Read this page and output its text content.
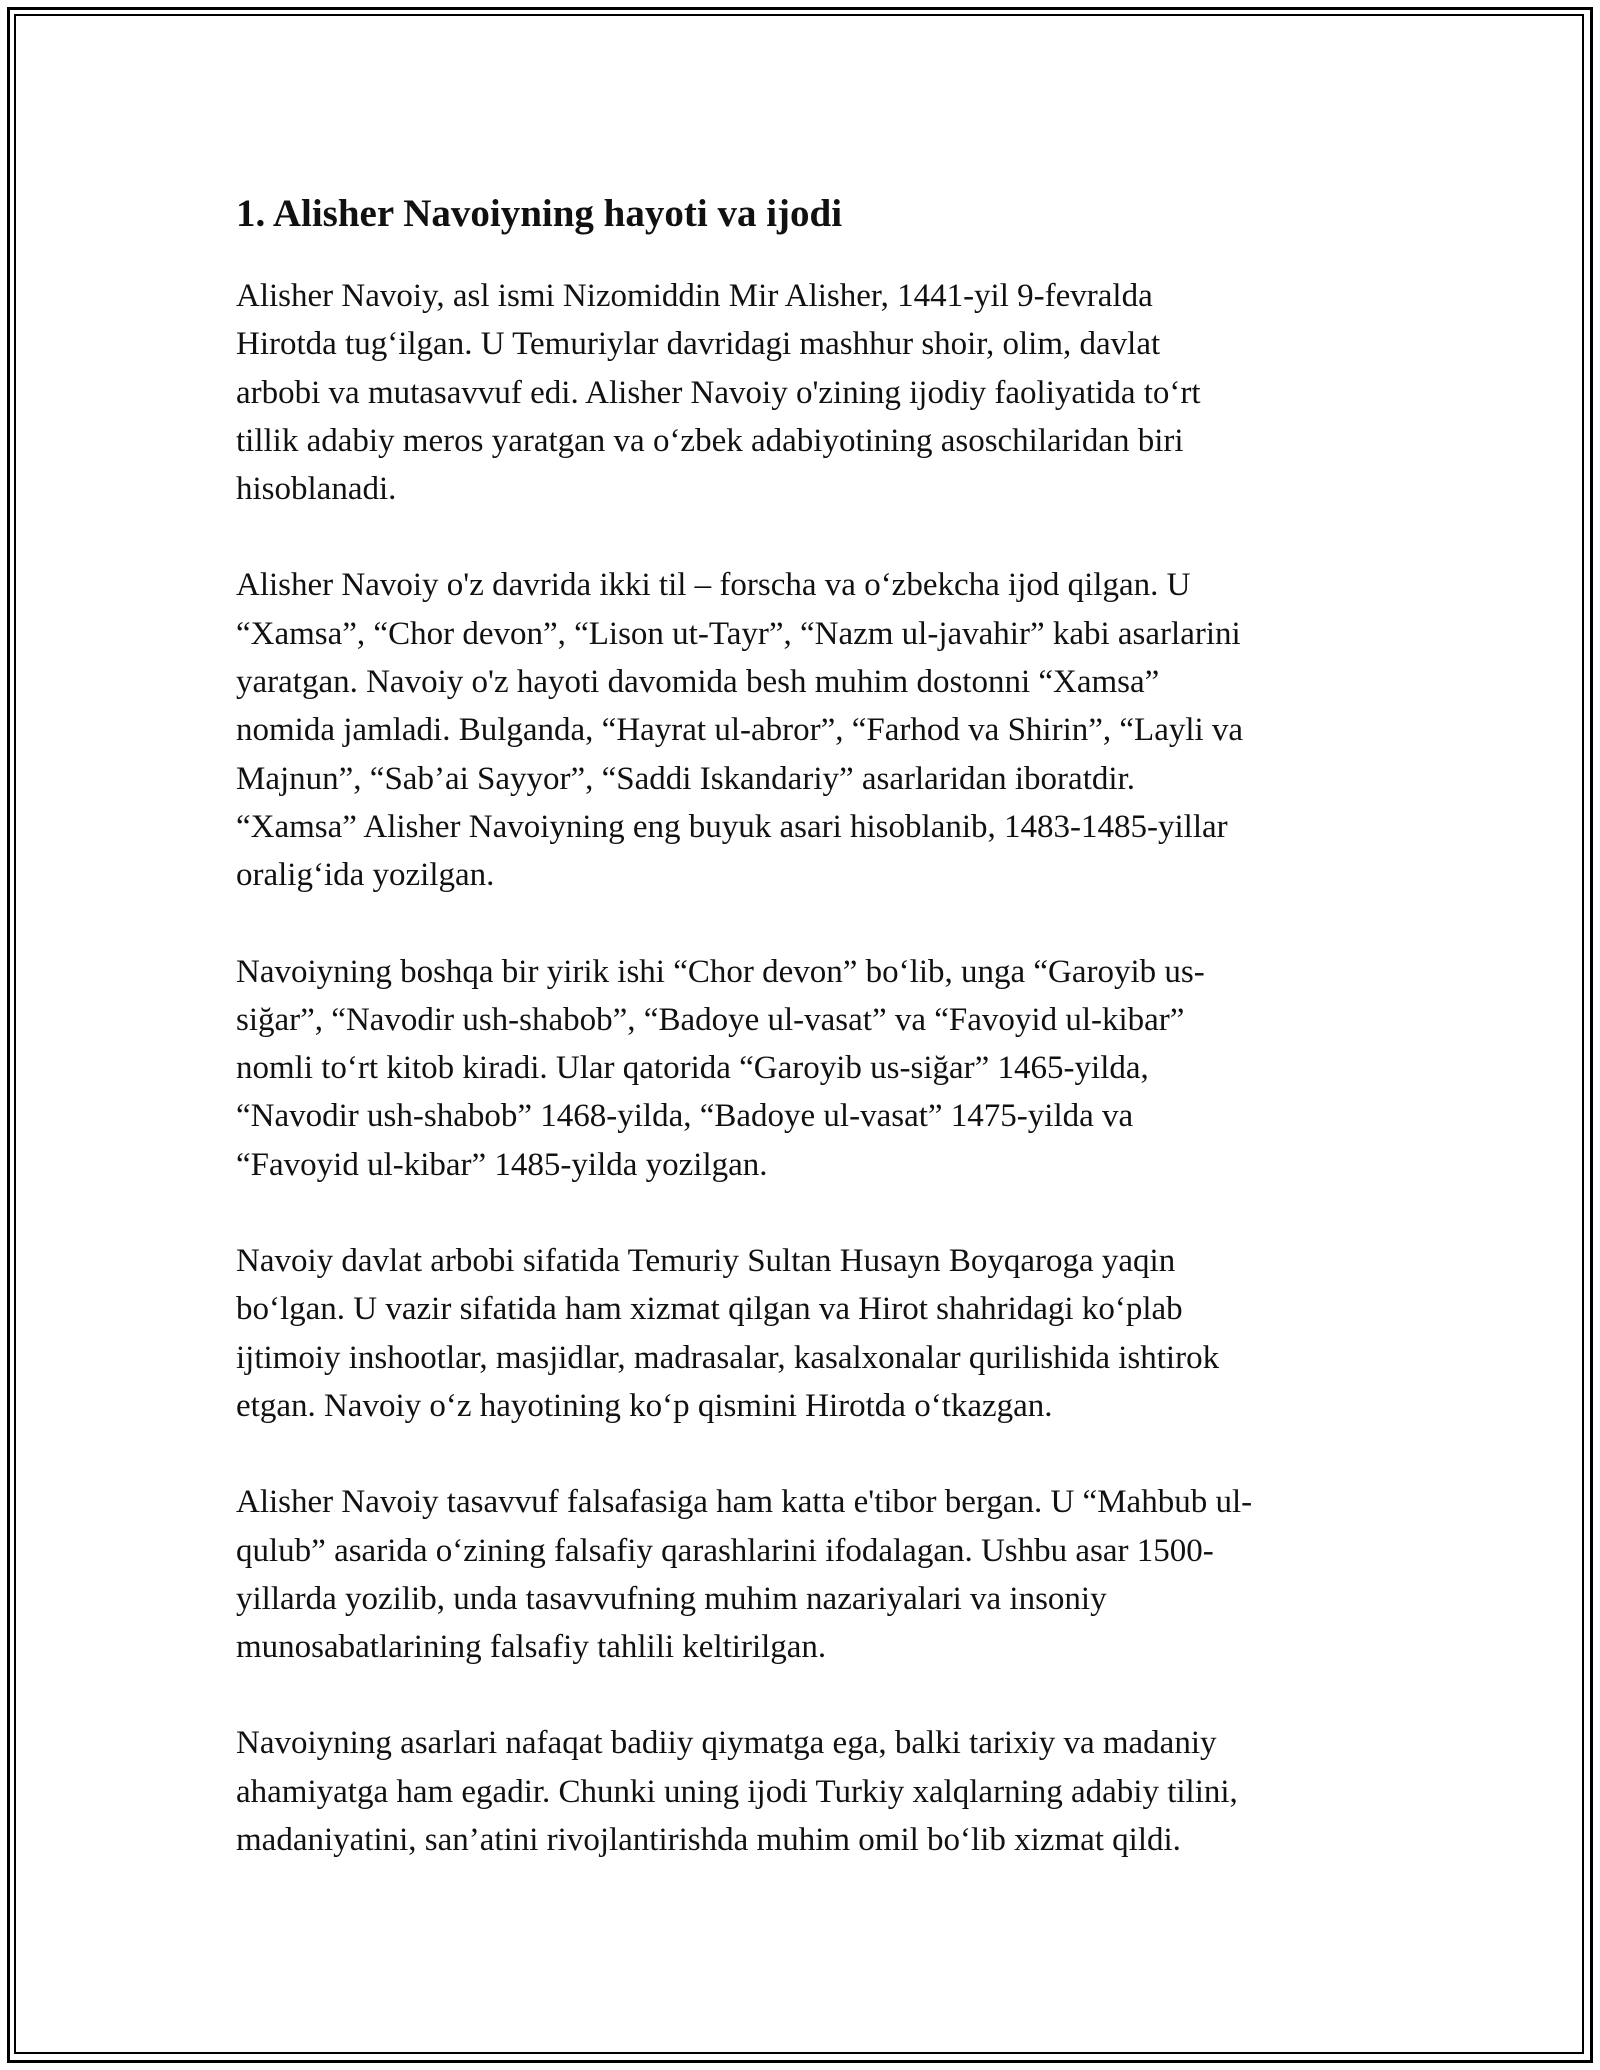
1. Alisher Navoiyning hayoti va ijodi

Alisher Navoiy, asl ismi Nizomiddin Mir Alisher, 1441-yil 9-fevralda
Hirotda tug‘ilgan. U Temuriylar davridagi mashhur shoir, olim, davlat
arbobi va mutasavvuf edi. Alisher Navoiy o'zining ijodiy faoliyatida to‘rt
tillik adabiy meros yaratgan va o‘zbek adabiyotining asoschilaridan biri
hisoblanadi.

Alisher Navoiy o'z davrida ikki til – forscha va o‘zbekcha ijod qilgan. U
“Xamsa”, “Chor devon”, “Lison ut-Tayr”, “Nazm ul-javahir” kabi asarlarini
yaratgan. Navoiy o'z hayoti davomida besh muhim dostonni “Xamsa”
nomida jamladi. Bulganda, “Hayrat ul-abror”, “Farhod va Shirin”, “Layli va
Majnun”, “Sab’ai Sayyor”, “Saddi Iskandariy” asarlaridan iboratdir.
“Xamsa” Alisher Navoiyning eng buyuk asari hisoblanib, 1483-1485-yillar
oralig‘ida yozilgan.

Navoiyning boshqa bir yirik ishi “Chor devon” bo‘lib, unga “Garoyib us-
siğar”, “Navodir ush-shabob”, “Badoye ul-vasat” va “Favoyid ul-kibar”
nomli to‘rt kitob kiradi. Ular qatorida “Garoyib us-siğar” 1465-yilda,
“Navodir ush-shabob” 1468-yilda, “Badoye ul-vasat” 1475-yilda va
“Favoyid ul-kibar” 1485-yilda yozilgan.

Navoiy davlat arbobi sifatida Temuriy Sultan Husayn Boyqaroga yaqin
bo‘lgan. U vazir sifatida ham xizmat qilgan va Hirot shahridagi ko‘plab
ijtimoiy inshootlar, masjidlar, madrasalar, kasalxonalar qurilishida ishtirok
etgan. Navoiy o‘z hayotining ko‘p qismini Hirotda o‘tkazgan.

Alisher Navoiy tasavvuf falsafasiga ham katta e'tibor bergan. U “Mahbub ul-
qulub” asarida o‘zining falsafiy qarashlarini ifodalagan. Ushbu asar 1500-
yillarda yozilib, unda tasavvufning muhim nazariyalari va insoniy
munosabatlarining falsafiy tahlili keltirilgan.

Navoiyning asarlari nafaqat badiiy qiymatga ega, balki tarixiy va madaniy
ahamiyatga ham egadir. Chunki uning ijodi Turkiy xalqlarning adabiy tilini,
madaniyatini, san’atini rivojlantirishda muhim omil bo‘lib xizmat qildi.
